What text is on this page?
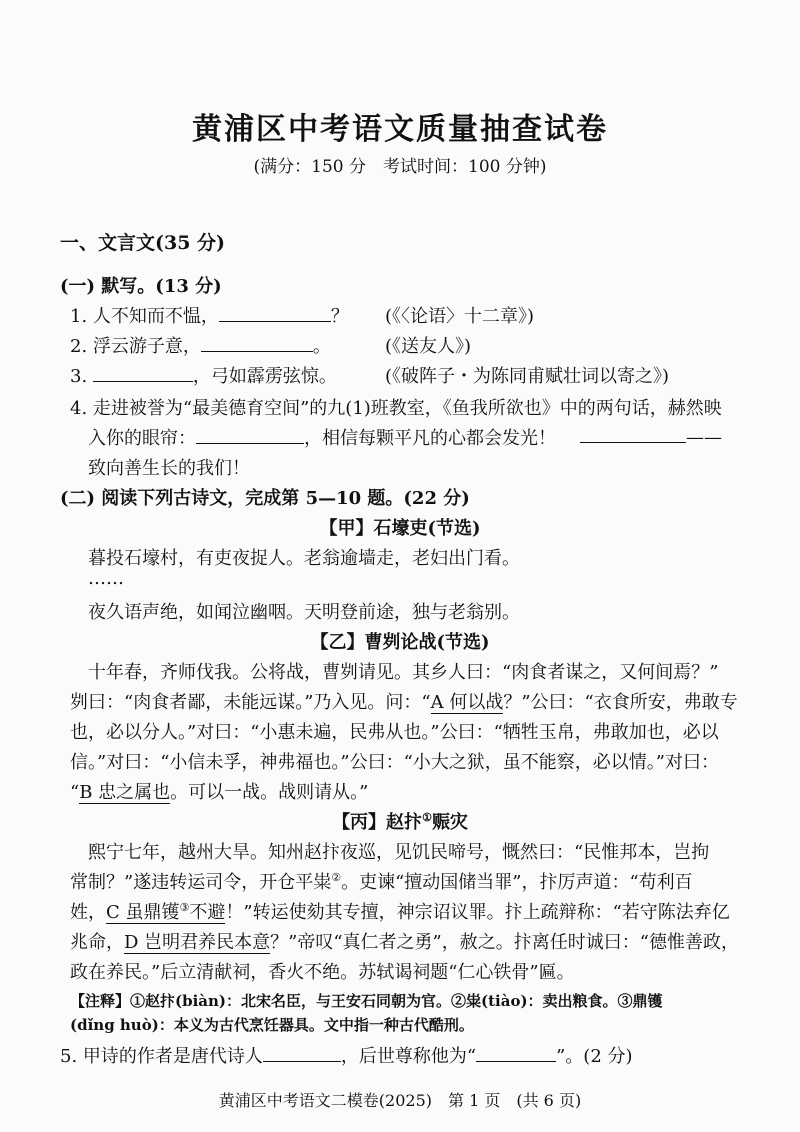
黄浦区中考语文质量抽查试卷
(满分：150 分　考试时间：100 分钟)
一、文言文(35 分)
(一) 默写。(13 分)
1. 人不知而不愠，	？ (《〈论语〉十二章》)
2. 浮云游子意，	。	(《送友人》)
3.	，弓如霹雳弦惊。	(《破阵子・为陈同甫赋壮词以寄之》)
4. 走进被誉为“最美德育空间”的九(1)班教室，《鱼我所欲也》中的两句话，赫然映
入你的眼帘：	，相信每颗平凡的心都会发光！	——
致向善生长的我们！
(二) 阅读下列古诗文，完成第 5—10 题。(22 分)
【甲】石壕吏(节选)
暮投石壕村，有吏夜捉人。老翁逾墙走，老妇出门看。
……
夜久语声绝，如闻泣幽咽。天明登前途，独与老翁别。
【乙】曹刿论战(节选)
十年春，齐师伐我。公将战，曹刿请见。其乡人曰：“肉食者谋之，又何间焉？”
刿曰：“肉食者鄙，未能远谋。”乃入见。问：“A 何以战？”公曰：“衣食所安，弗敢专
也，必以分人。”对曰：“小惠未遍，民弗从也。”公曰：“牺牲玉帛，弗敢加也，必以
信。”对曰：“小信未孚，神弗福也。”公曰：“小大之狱，虽不能察，必以情。”对曰：
“B 忠之属也。可以一战。战则请从。”
【丙】赵抃①赈灾
熙宁七年，越州大旱。知州赵抃夜巡，见饥民啼号，慨然曰：“民惟邦本，岂拘
常制？”遂违转运司令，开仓平粜②。吏谏“擅动国储当罪”，抃厉声道：“苟利百
姓，C 虽鼎镬③不避！”转运使劾其专擅，神宗诏议罪。抃上疏辩称：“若守陈法弃亿
兆命，D 岂明君养民本意？”帝叹“真仁者之勇”，赦之。抃离任时诚曰：“德惟善政，
政在养民。”后立清献祠，香火不绝。苏轼谒祠题“仁心铁骨”匾。
【注释】①赵抃(biàn)：北宋名臣，与王安石同朝为官。②粜(tiào)：卖出粮食。③鼎镬
(dǐng huò)：本义为古代烹饪器具。文中指一种古代酷刑。
5. 甲诗的作者是唐代诗人	，后世尊称他为“	”。(2 分)
黄浦区中考语文二模卷(2025)　第 1 页　(共 6 页)
